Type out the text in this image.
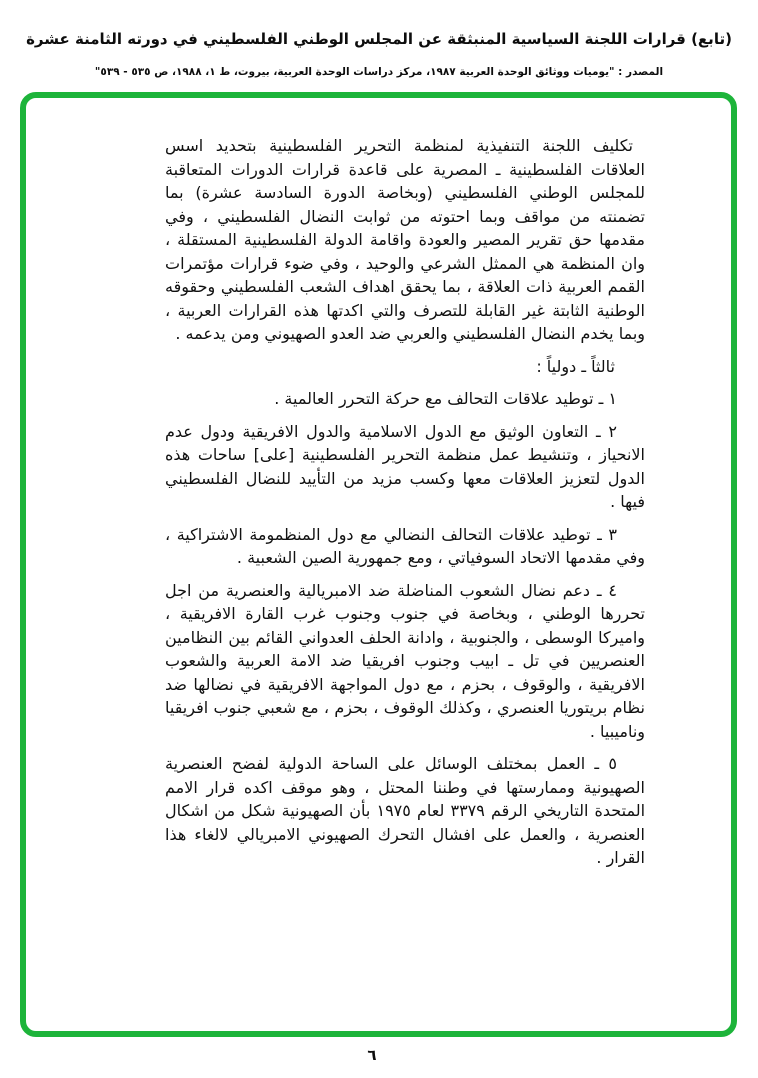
(تابع) قرارات اللجنة السياسية المنبثقة عن المجلس الوطني الفلسطيني في دورته الثامنة عشرة
المصدر : "يوميات ووثائق الوحدة العربية ١٩٨٧، مركز دراسات الوحدة العربية، بيروت، ط ١، ١٩٨٨، ص ٥٣٥ - ٥٣٩"

تكليف اللجنة التنفيذية لمنظمة التحرير الفلسطينية بتحديد اسس العلاقات الفلسطينية ـ المصرية على قاعدة قرارات الدورات المتعاقبة للمجلس الوطني الفلسطيني (وبخاصة الدورة السادسة عشرة) بما تضمنته من مواقف وبما احتوته من ثوابت النضال الفلسطيني ، وفي مقدمها حق تقرير المصير والعودة واقامة الدولة الفلسطينية المستقلة ، وان المنظمة هي الممثل الشرعي والوحيد ، وفي ضوء قرارات مؤتمرات القمم العربية ذات العلاقة ، بما يحقق اهداف الشعب الفلسطيني وحقوقه الوطنية الثابتة غير القابلة للتصرف والتي اكدتها هذه القرارات العربية ، وبما يخدم النضال الفلسطيني والعربي ضد العدو الصهيوني ومن يدعمه .

ثالثاً ـ دولياً :

١ ـ توطيد علاقات التحالف مع حركة التحرر العالمية .

٢ ـ التعاون الوثيق مع الدول الاسلامية والدول الافريقية ودول عدم الانحياز ، وتنشيط عمل منظمة التحرير الفلسطينية [على] ساحات هذه الدول لتعزيز العلاقات معها وكسب مزيد من التأييد للنضال الفلسطيني فيها .

٣ ـ توطيد علاقات التحالف النضالي مع دول المنظمومة الاشتراكية ، وفي مقدمها الاتحاد السوفياتي ، ومع جمهورية الصين الشعبية .

٤ ـ دعم نضال الشعوب المناضلة ضد الامبريالية والعنصرية من اجل تحررها الوطني ، وبخاصة في جنوب وجنوب غرب القارة الافريقية ، واميركا الوسطى ، والجنوبية ، وادانة الحلف العدواني القائم بين النظامين العنصريين في تل ـ ابيب وجنوب افريقيا ضد الامة العربية والشعوب الافريقية ، والوقوف ، بحزم ، مع دول المواجهة الافريقية في نضالها ضد نظام بريتوريا العنصري ، وكذلك الوقوف ، بحزم ، مع شعبي جنوب افريقيا وناميبيا .

٥ ـ العمل بمختلف الوسائل على الساحة الدولية لفضح العنصرية الصهيونية وممارستها في وطننا المحتل ، وهو موقف اكده قرار الامم المتحدة التاريخي الرقم ٣٣٧٩ لعام ١٩٧٥ بأن الصهيونية شكل من اشكال العنصرية ، والعمل على افشال التحرك الصهيوني الامبريالي لالغاء هذا القرار .

٦
